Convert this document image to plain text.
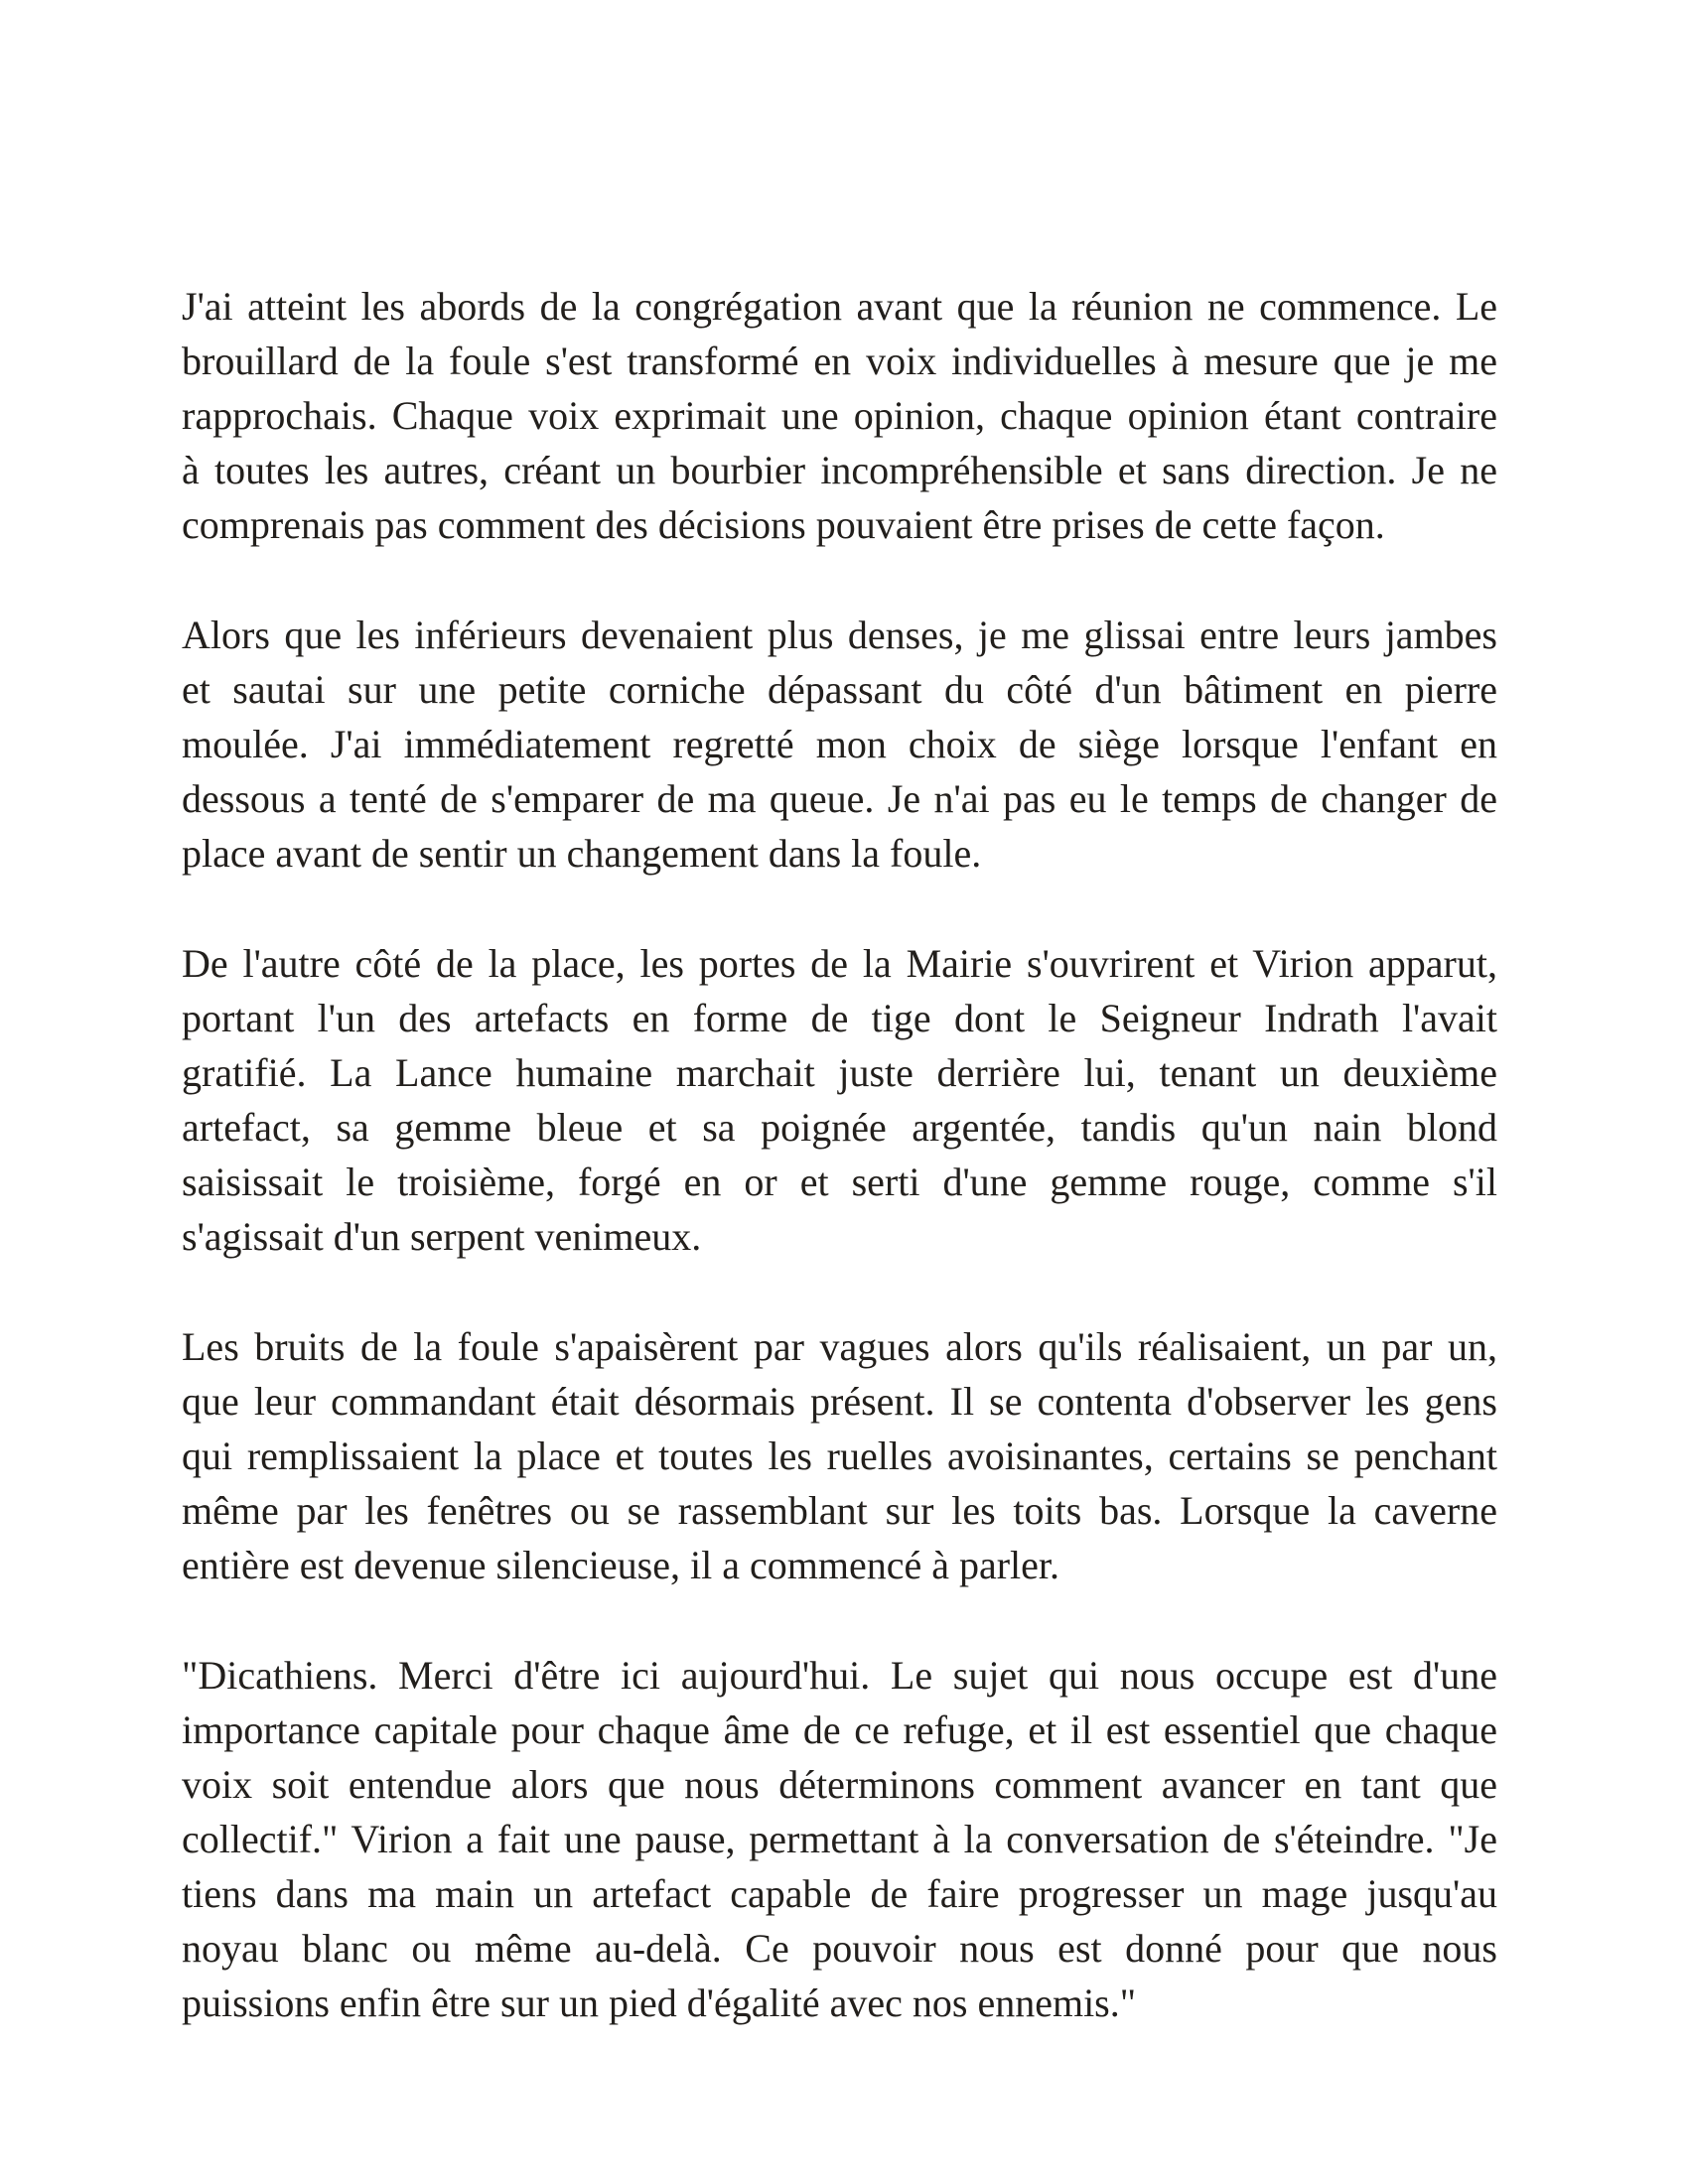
J'ai atteint les abords de la congrégation avant que la réunion ne commence. Le
brouillard de la foule s'est transformé en voix individuelles à mesure que je me
rapprochais. Chaque voix exprimait une opinion, chaque opinion étant contraire
à toutes les autres, créant un bourbier incompréhensible et sans direction. Je ne
comprenais pas comment des décisions pouvaient être prises de cette façon.
Alors que les inférieurs devenaient plus denses, je me glissai entre leurs jambes
et sautai sur une petite corniche dépassant du côté d'un bâtiment en pierre
moulée. J'ai immédiatement regretté mon choix de siège lorsque l'enfant en
dessous a tenté de s'emparer de ma queue. Je n'ai pas eu le temps de changer de
place avant de sentir un changement dans la foule.
De l'autre côté de la place, les portes de la Mairie s'ouvrirent et Virion apparut,
portant l'un des artefacts en forme de tige dont le Seigneur Indrath l'avait
gratifié. La Lance humaine marchait juste derrière lui, tenant un deuxième
artefact, sa gemme bleue et sa poignée argentée, tandis qu'un nain blond
saisissait le troisième, forgé en or et serti d'une gemme rouge, comme s'il
s'agissait d'un serpent venimeux.
Les bruits de la foule s'apaisèrent par vagues alors qu'ils réalisaient, un par un,
que leur commandant était désormais présent. Il se contenta d'observer les gens
qui remplissaient la place et toutes les ruelles avoisinantes, certains se penchant
même par les fenêtres ou se rassemblant sur les toits bas. Lorsque la caverne
entière est devenue silencieuse, il a commencé à parler.
"Dicathiens. Merci d'être ici aujourd'hui. Le sujet qui nous occupe est d'une
importance capitale pour chaque âme de ce refuge, et il est essentiel que chaque
voix soit entendue alors que nous déterminons comment avancer en tant que
collectif." Virion a fait une pause, permettant à la conversation de s'éteindre. "Je
tiens dans ma main un artefact capable de faire progresser un mage jusqu'au
noyau blanc ou même au-delà. Ce pouvoir nous est donné pour que nous
puissions enfin être sur un pied d'égalité avec nos ennemis."
